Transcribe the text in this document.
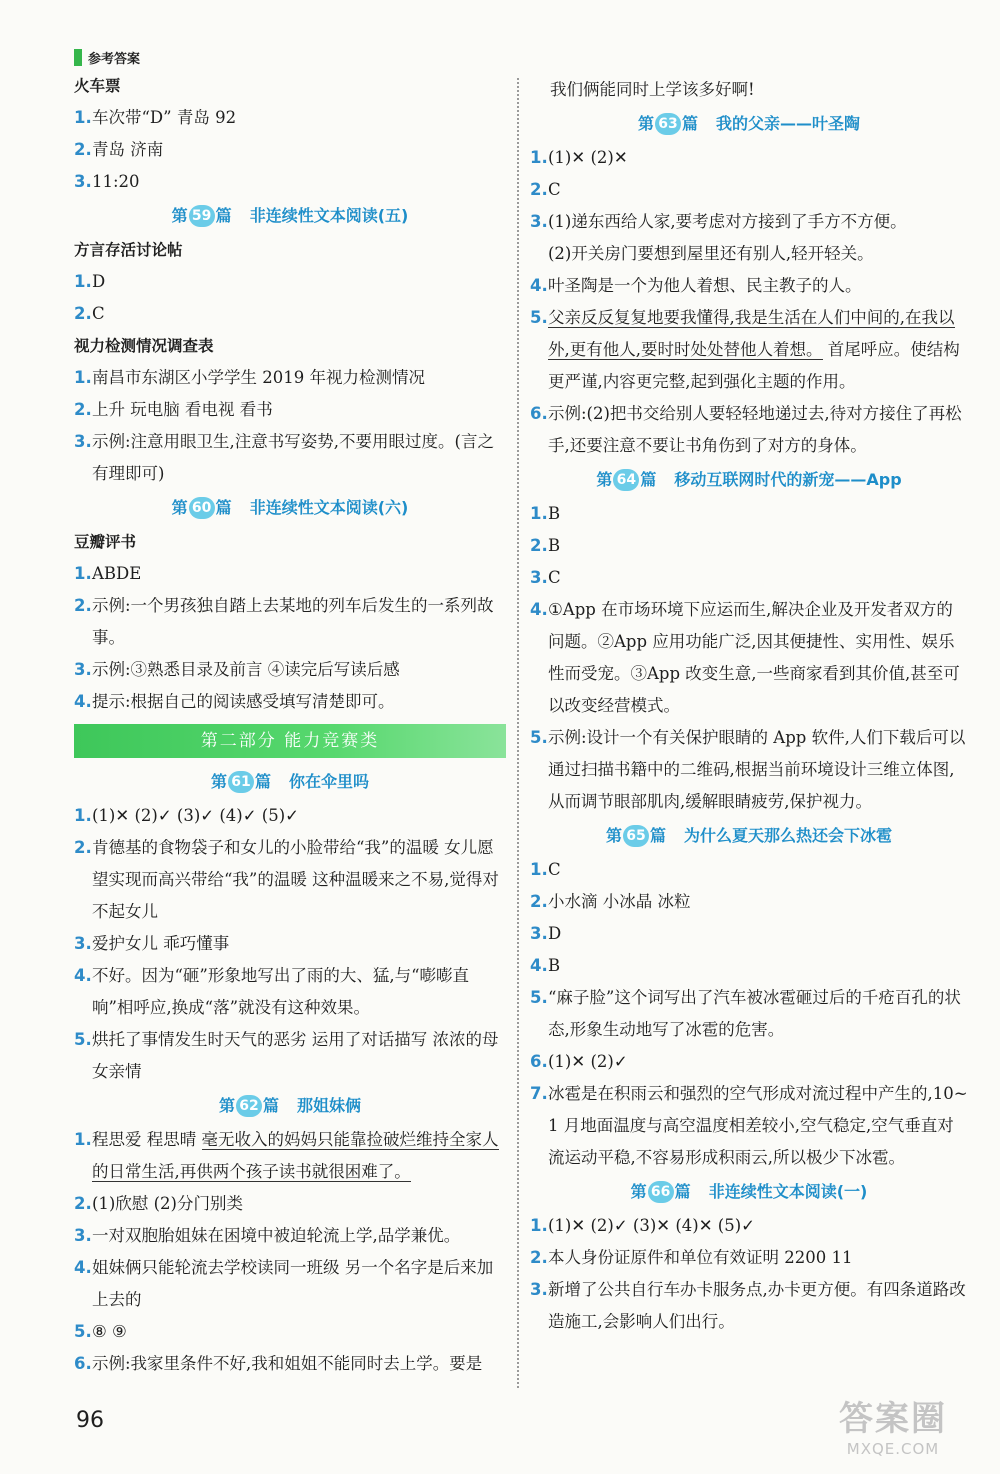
参考答案
火车票
1 . 车次带“D” 青岛 92
2 . 青岛 济南
3 . 11:20
第 59 篇 非连续性文本阅读(五)
方言存活讨论帖
1 . D
2 . C
视力检测情况调查表
1 . 南昌市东湖区小学学生 2019 年视力检测情况
2 . 上升 玩电脑 看电视 看书
3 . 示例:注意用眼卫生,注意书写姿势,不要用眼过度。(言之有理即可)
第 60 篇 非连续性文本阅读(六)
豆瓣评书
1 . ABDE
2 . 示例:一个男孩独自踏上去某地的列车后发生的一系列故事。
3 . 示例:③熟悉目录及前言 ④读完后写读后感
4 . 提示:根据自己的阅读感受填写清楚即可。
第二部分 能力竞赛类
第 61 篇 你在伞里吗
1 . (1)✕ (2)✓ (3)✓ (4)✓ (5)✓
2 . 肯德基的食物袋子和女儿的小脸带给“我”的温暖 女儿愿望实现而高兴带给“我”的温暖 这种温暖来之不易,觉得对不起女儿
3 . 爱护女儿 乖巧懂事
4 . 不好。因为“砸”形象地写出了雨的大、猛,与“嘭嘭直响”相呼应,换成“落”就没有这种效果。
5 . 烘托了事情发生时天气的恶劣 运用了对话描写 浓浓的母女亲情
第 62 篇 那姐妹俩
1 . 程思爱 程思晴 毫无收入的妈妈只能靠捡破烂维持全家人的日常生活,再供两个孩子读书就很困难了。
2 . (1)欣慰 (2)分门别类
3 . 一对双胞胎姐妹在困境中被迫轮流上学,品学兼优。
4 . 姐妹俩只能轮流去学校读同一班级 另一个名字是后来加上去的
5 . ⑧ ⑨
6 . 示例:我家里条件不好,我和姐姐不能同时去上学。要是
我们俩能同时上学该多好啊!
第 63 篇 我的父亲——叶圣陶
1 . (1)✕ (2)✕
2 . C
3 . (1)递东西给人家,要考虑对方接到了手方不方便。
(2)开关房门要想到屋里还有别人,轻开轻关。
4 . 叶圣陶是一个为他人着想、民主教子的人。
5 . 父亲反反复复地要我懂得,我是生活在人们中间的,在我以外,更有他人,要时时处处替他人着想。 首尾呼应。使结构更严谨,内容更完整,起到强化主题的作用。
6 . 示例:(2)把书交给别人要轻轻地递过去,待对方接住了再松手,还要注意不要让书角伤到了对方的身体。
第 64 篇 移动互联网时代的新宠——App
1 . B
2 . B
3 . C
4 . ①App 在市场环境下应运而生,解决企业及开发者双方的问题。②App 应用功能广泛,因其便捷性、实用性、娱乐性而受宠。③App 改变生意,一些商家看到其价值,甚至可以改变经营模式。
5 . 示例:设计一个有关保护眼睛的 App 软件,人们下载后可以通过扫描书籍中的二维码,根据当前环境设计三维立体图,从而调节眼部肌肉,缓解眼睛疲劳,保护视力。
第 65 篇 为什么夏天那么热还会下冰雹
1 . C
2 . 小水滴 小冰晶 冰粒
3 . D
4 . B
5 . “麻子脸”这个词写出了汽车被冰雹砸过后的千疮百孔的状态,形象生动地写了冰雹的危害。
6 . (1)✕ (2)✓
7 . 冰雹是在积雨云和强烈的空气形成对流过程中产生的,10~1 月地面温度与高空温度相差较小,空气稳定,空气垂直对流运动平稳,不容易形成积雨云,所以极少下冰雹。
第 66 篇 非连续性文本阅读(一)
1 . (1)✕ (2)✓ (3)✕ (4)✕ (5)✓
2 . 本人身份证原件和单位有效证明 2200 11
3 . 新增了公共自行车办卡服务点,办卡更方便。有四条道路改造施工,会影响人们出行。
96	答案圈
MXQE.COM
